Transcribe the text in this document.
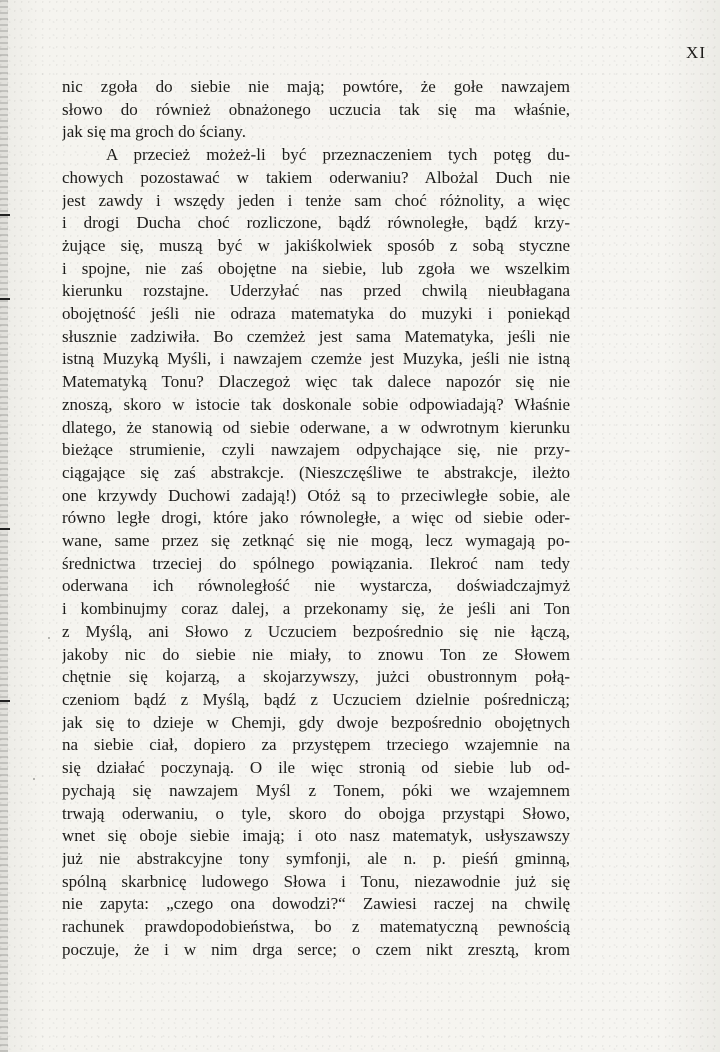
XI
nic zgoła do siebie nie mają; powtóre, że gołe nawzajem
słowo do również obnażonego uczucia tak się ma właśnie,
jak się ma groch do ściany.
A przecież możeż-li być przeznaczeniem tych potęg du-
chowych pozostawać w takiem oderwaniu? Albożal Duch nie
jest zawdy i wszędy jeden i tenże sam choć różnolity, a więc
i drogi Ducha choć rozliczone, bądź równoległe, bądź krzy-
żujące się, muszą być w jakiśkolwiek sposób z sobą styczne
i spojne, nie zaś obojętne na siebie, lub zgoła we wszelkim
kierunku rozstajne. Uderzyłać nas przed chwilą nieubłagana
obojętność jeśli nie odraza matematyka do muzyki i poniekąd
słusznie zadziwiła. Bo czemżeż jest sama Matematyka, jeśli nie
istną Muzyką Myśli, i nawzajem czemże jest Muzyka, jeśli nie istną
Matematyką Tonu? Dlaczegoż więc tak dalece napozór się nie
znoszą, skoro w istocie tak doskonale sobie odpowiadają? Właśnie
dlatego, że stanowią od siebie oderwane, a w odwrotnym kierunku
bieżące strumienie, czyli nawzajem odpychające się, nie przy-
ciągające się zaś abstrakcje. (Nieszczęśliwe te abstrakcje, ileżto
one krzywdy Duchowi zadają!) Otóż są to przeciwległe sobie, ale
równo ległe drogi, które jako równoległe, a więc od siebie oder-
wane, same przez się zetknąć się nie mogą, lecz wymagają po-
średnictwa trzeciej do spólnego powiązania. Ilekroć nam tedy
oderwana ich równoległość nie wystarcza, doświadczajmyż
i kombinujmy coraz dalej, a przekonamy się, że jeśli ani Ton
z Myślą, ani Słowo z Uczuciem bezpośrednio się nie łączą,
jakoby nic do siebie nie miały, to znowu Ton ze Słowem
chętnie się kojarzą, a skojarzywszy, jużci obustronnym połą-
czeniom bądź z Myślą, bądź z Uczuciem dzielnie pośredniczą;
jak się to dzieje w Chemji, gdy dwoje bezpośrednio obojętnych
na siebie ciał, dopiero za przystępem trzeciego wzajemnie na
się działać poczynają. O ile więc stronią od siebie lub od-
pychają się nawzajem Myśl z Tonem, póki we wzajemnem
trwają oderwaniu, o tyle, skoro do obojga przystąpi Słowo,
wnet się oboje siebie imają; i oto nasz matematyk, usłyszawszy
już nie abstrakcyjne tony symfonji, ale n. p. pieśń gminną,
spólną skarbnicę ludowego Słowa i Tonu, niezawodnie już się
nie zapyta: „czego ona dowodzi?“ Zawiesi raczej na chwilę
rachunek prawdopodobieństwa, bo z matematyczną pewnością
poczuje, że i w nim drga serce; o czem nikt zresztą, krom
